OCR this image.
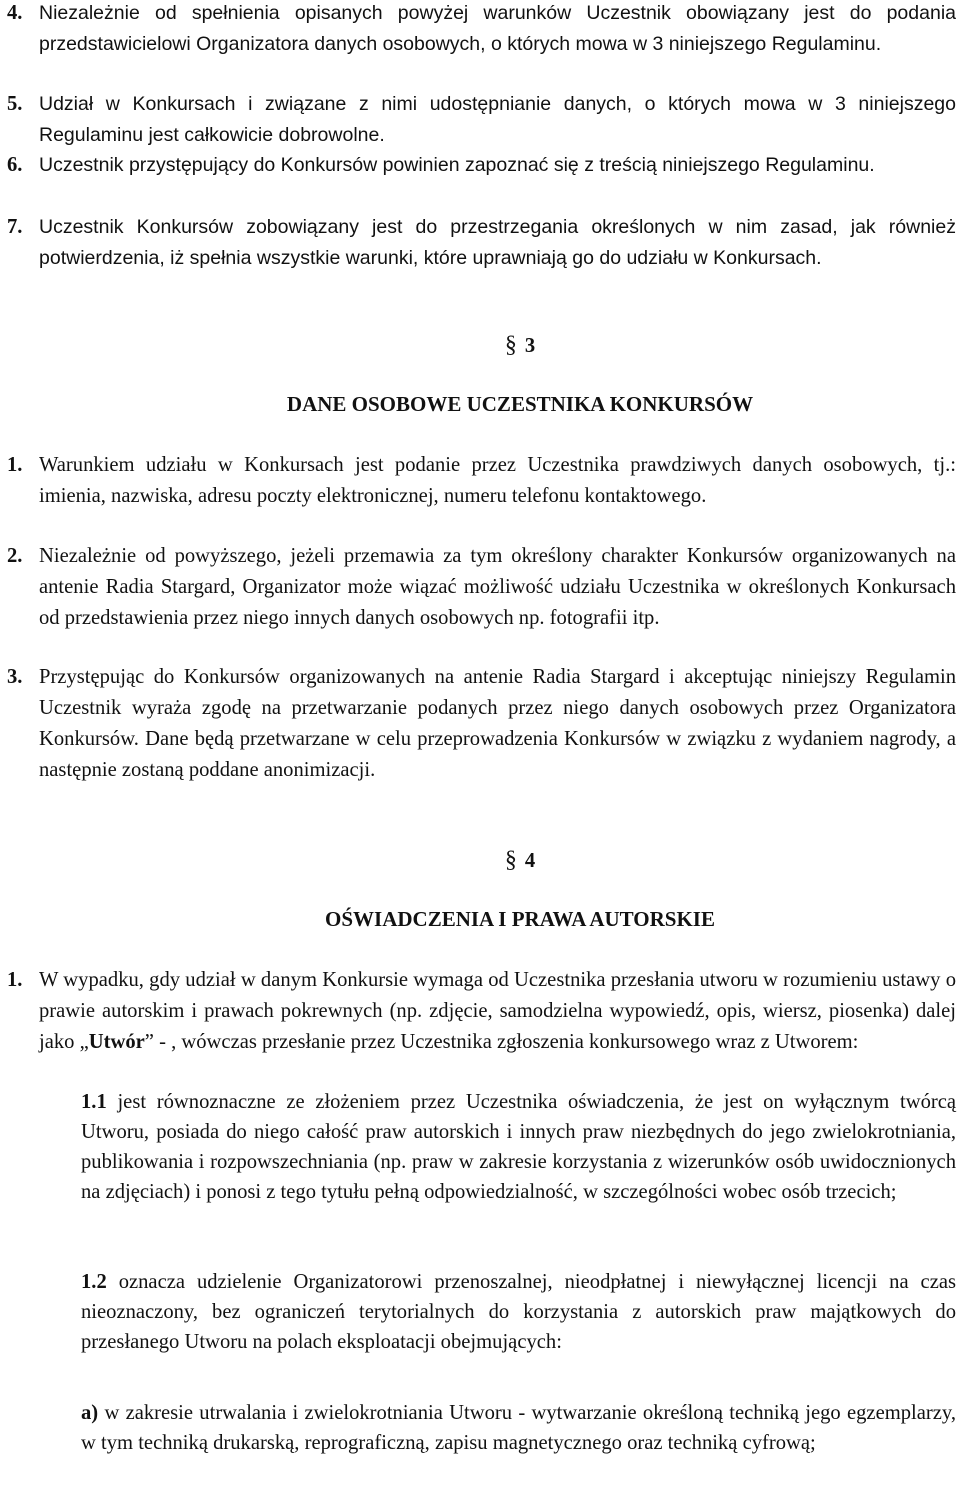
4. Niezależnie od spełnienia opisanych powyżej warunków Uczestnik obowiązany jest do podania przedstawicielowi Organizatora danych osobowych, o których mowa w 3 niniejszego Regulaminu.
5. Udział w Konkursach i związane z nimi udostępnianie danych, o których mowa w 3 niniejszego Regulaminu jest całkowicie dobrowolne.
6. Uczestnik przystępujący do Konkursów powinien zapoznać się z treścią niniejszego Regulaminu.
7. Uczestnik Konkursów zobowiązany jest do przestrzegania określonych w nim zasad, jak również potwierdzenia, iż spełnia wszystkie warunki, które uprawniają go do udziału w Konkursach.
§ 3
DANE OSOBOWE UCZESTNIKA KONKURSÓW
1. Warunkiem udziału w Konkursach jest podanie przez Uczestnika prawdziwych danych osobowych, tj.: imienia, nazwiska, adresu poczty elektronicznej, numeru telefonu kontaktowego.
2. Niezależnie od powyższego, jeżeli przemawia za tym określony charakter Konkursów organizowanych na antenie Radia Stargard, Organizator może wiązać możliwość udziału Uczestnika w określonych Konkursach od przedstawienia przez niego innych danych osobowych np. fotografii itp.
3. Przystępując do Konkursów organizowanych na antenie Radia Stargard i akceptując niniejszy Regulamin Uczestnik wyraża zgodę na przetwarzanie podanych przez niego danych osobowych przez Organizatora Konkursów. Dane będą przetwarzane w celu przeprowadzenia Konkursów w związku z wydaniem nagrody, a następnie zostaną poddane anonimizacji.
§ 4
OŚWIADCZENIA I PRAWA AUTORSKIE
1. W wypadku, gdy udział w danym Konkursie wymaga od Uczestnika przesłania utworu w rozumieniu ustawy o prawie autorskim i prawach pokrewnych (np. zdjęcie, samodzielna wypowiedź, opis, wiersz, piosenka) dalej jako „Utwór” - , wówczas przesłanie przez Uczestnika zgłoszenia konkursowego wraz z Utworem:
1.1 jest równoznaczne ze złożeniem przez Uczestnika oświadczenia, że jest on wyłącznym twórcą Utworu, posiada do niego całość praw autorskich i innych praw niezbędnych do jego zwielokrotniania, publikowania i rozpowszechniania (np. praw w zakresie korzystania z wizerunków osób uwidocznionych na zdjęciach) i ponosi z tego tytułu pełną odpowiedzialność, w szczególności wobec osób trzecich;
1.2 oznacza udzielenie Organizatorowi przenoszalnej, nieodpłatnej i niewyłącznej licencji na czas nieoznaczony, bez ograniczeń terytorialnych do korzystania z autorskich praw majątkowych do przesłanego Utworu na polach eksploatacji obejmujących:
a) w zakresie utrwalania i zwielokrotniania Utworu - wytwarzanie określoną techniką jego egzemplarzy, w tym techniką drukarską, reprograficzną, zapisu magnetycznego oraz techniką cyfrową;
